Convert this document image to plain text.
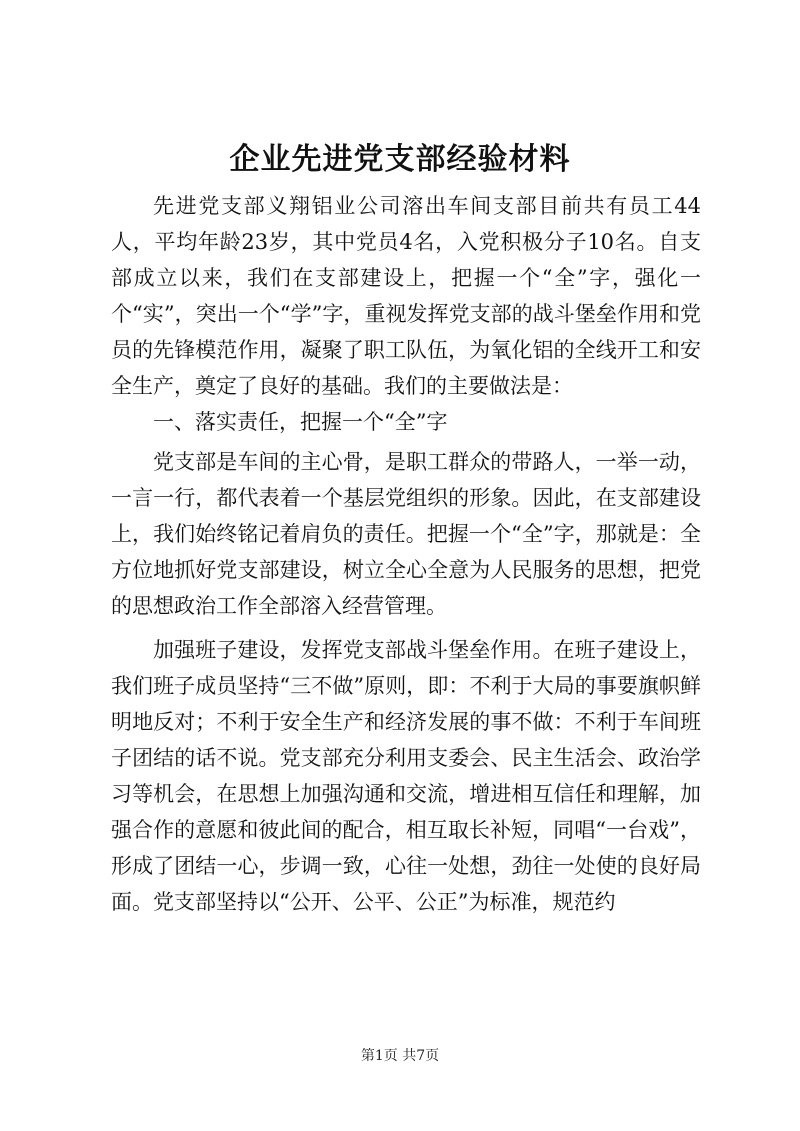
企业先进党支部经验材料

先进党支部义翔铝业公司溶出车间支部目前共有员工44人，平均年龄23岁，其中党员4名，入党积极分子10名。自支部成立以来，我们在支部建设上，把握一个“全”字，强化一个“实”，突出一个“学”字，重视发挥党支部的战斗堡垒作用和党员的先锋模范作用，凝聚了职工队伍，为氧化铝的全线开工和安全生产，奠定了良好的基础。我们的主要做法是：

一、落实责任，把握一个“全”字

党支部是车间的主心骨，是职工群众的带路人，一举一动，一言一行，都代表着一个基层党组织的形象。因此，在支部建设上，我们始终铭记着肩负的责任。把握一个“全”字，那就是：全方位地抓好党支部建设，树立全心全意为人民服务的思想，把党的思想政治工作全部溶入经营管理。

加强班子建设，发挥党支部战斗堡垒作用。在班子建设上，我们班子成员坚持“三不做”原则，即：不利于大局的事要旗帜鲜明地反对；不利于安全生产和经济发展的事不做：不利于车间班子团结的话不说。党支部充分利用支委会、民主生活会、政治学习等机会，在思想上加强沟通和交流，增进相互信任和理解，加强合作的意愿和彼此间的配合，相互取长补短，同唱“一台戏”，形成了团结一心，步调一致，心往一处想，劲往一处使的良好局面。党支部坚持以“公开、公平、公正”为标准，规范约

第1页 共7页
